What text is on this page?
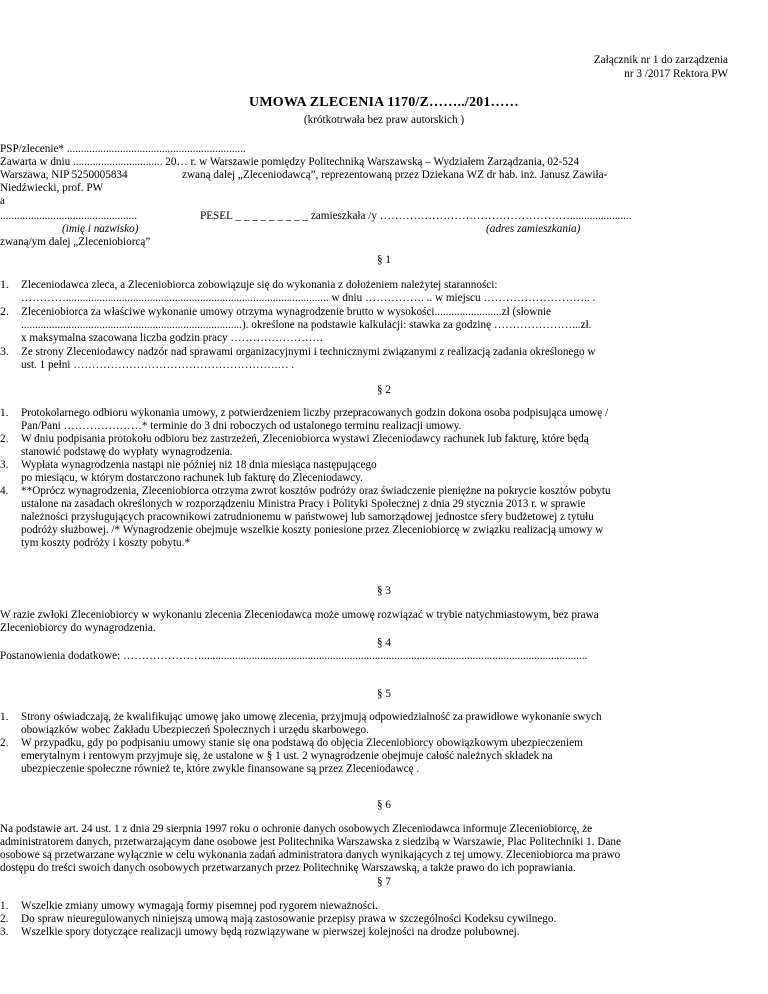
Załącznik nr 1 do zarządzenia
nr 3 /2017 Rektora PW
UMOWA ZLECENIA 1170/Z……../201……
(krótkotrwała bez praw autorskich )
PSP/zlecenie* ................................................................
Zawarta w dniu ................................ 20… r. w Warszawie pomiędzy Politechniką Warszawską – Wydziałem Zarządzania, 02-524
Warszawa, NIP 5250005834	zwaną dalej „Zleceniodawcą”, reprezentowaną przez Dziekana WZ dr hab. inż. Janusz Zawiła-
Niedźwiecki, prof. PW
a
.................................................	PESEL _ _ _ _ _ _ _ _ _ zamieszkała /y ……………………………………………......................
(imię i nazwisko)	(adres zamieszkania)
zwaną/ym dalej „Zleceniobiorcą”
§ 1
1. Zleceniodawca zleca, a Zleceniobiorca zobowiązuje się do wykonania z dołożeniem należytej staranności:
………….............................................................................................. w dniu ……………. .. w miejscu ……………………….. .
2. Zleceniobiorca za właściwe wykonanie umowy otrzyma wynagrodzenie brutto w wysokości........................zł (słownie
...............................................................................). określone na podstawie kalkulacji: stawka za godzinę …………………...zł.
x maksymalna szacowana liczba godzin pracy …………………….
3. Ze strony Zleceniodawcy nadzór nad sprawami organizacyjnymi i technicznymi związanymi z realizacją zadania określonego w
ust. 1 pełni ……………………………………………….… .
§ 2
1. Protokolarnego odbioru wykonania umowy, z potwierdzeniem liczby przepracowanych godzin dokona osoba podpisująca umowę /
Pan/Pani …………………* terminie do 3 dni roboczych od ustalonego terminu realizacji umowy.
2. W dniu podpisania protokołu odbioru bez zastrzeżeń, Zleceniobiorca wystawi Zleceniodawcy rachunek lub fakturę, które będą
stanowić podstawę do wypłaty wynagrodzenia.
3. Wypłata wynagrodzenia nastąpi nie później niż 18 dnia miesiąca następującego
po miesiącu, w którym dostarczono rachunek lub fakturę do Zleceniodawcy.
4. **Oprócz wynagrodzenia, Zleceniobiorca otrzyma zwrot kosztów podróży oraz świadczenie pieniężne na pokrycie kosztów pobytu
ustalone na zasadach określonych w rozporządzeniu Ministra Pracy i Polityki Społecznej z dnia 29 stycznia 2013 r. w sprawie
należności przysługujących pracownikowi zatrudnionemu w państwowej lub samorządowej jednostce sfery budżetowej z tytułu
podróży służbowej. /* Wynagrodzenie obejmuje wszelkie koszty poniesione przez Zleceniobiorcę w związku realizacją umowy w
tym koszty podróży i koszty pobytu.*
§ 3
W razie zwłoki Zleceniobiorcy w wykonaniu zlecenia Zleceniodawca może umowę rozwiązać w trybie natychmiastowym, bez prawa
Zleceniobiorcy do wynagrodzenia.
§ 4
Postanowienia dodatkowe: …………………..........................................................................................................................................
§ 5
1. Strony oświadczają, że kwalifikując umowę jako umowę zlecenia, przyjmują odpowiedzialność za prawidłowe wykonanie swych
obowiązków wobec Zakładu Ubezpieczeń Społecznych i urzędu skarbowego.
2. W przypadku, gdy po podpisaniu umowy stanie się ona podstawą do objęcia Zleceniobiorcy obowiązkowym ubezpieczeniem
emerytalnym i rentowym przyjmuje się, że ustalone w § 1 ust. 2 wynagrodzenie obejmuje całość należnych składek na
ubezpieczenie społeczne również te, które zwykle finansowane są przez Zleceniodawcę .
§ 6
Na podstawie art. 24 ust. 1 z dnia 29 sierpnia 1997 roku o ochronie danych osobowych Zleceniodawca informuje Zleceniobiorcę, że
administratorem danych, przetwarzającym dane osobowe jest Politechnika Warszawska z siedzibą w Warszawie, Plac Politechniki 1. Dane
osobowe są przetwarzane wyłącznie w celu wykonania zadań administratora danych wynikających z tej umowy. Zleceniobiorca ma prawo
dostępu do treści swoich danych osobowych przetwarzanych przez Politechnikę Warszawską, a także prawo do ich poprawiania.
§ 7
1. Wszelkie zmiany umowy wymagają formy pisemnej pod rygorem nieważności.
2. Do spraw nieuregulowanych niniejszą umową mają zastosowanie przepisy prawa w szczególności Kodeksu cywilnego.
3. Wszelkie spory dotyczące realizacji umowy będą rozwiązywane w pierwszej kolejności na drodze polubownej.
